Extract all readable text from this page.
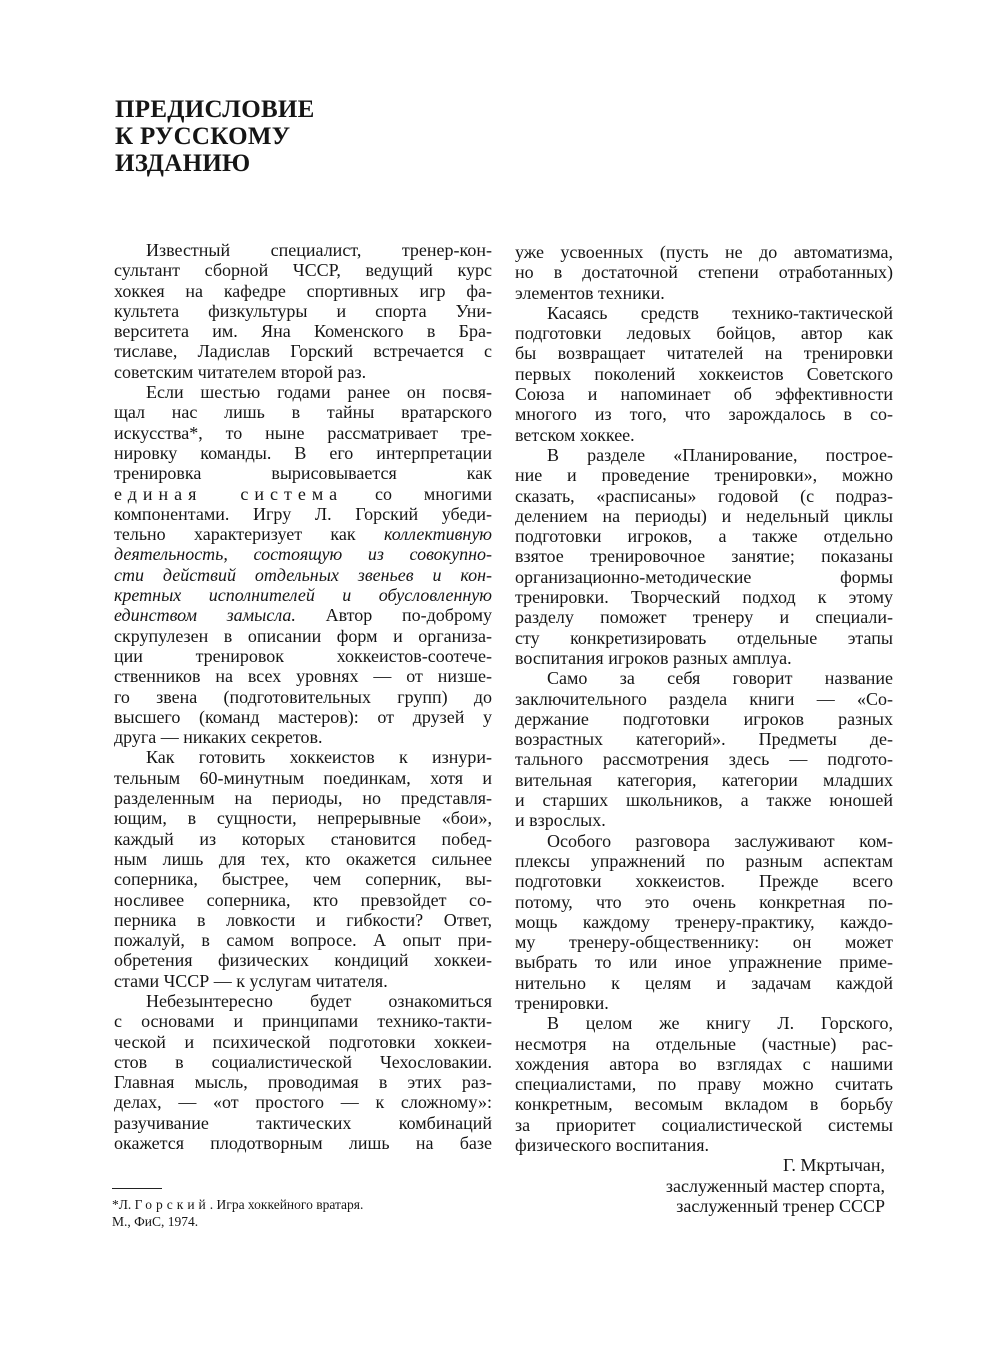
ПРЕДИСЛОВИЕ
К РУССКОМУ
ИЗДАНИЮ
Известный специалист, тренер-кон-
сультант сборной ЧССР, ведущий курс
хоккея на кафедре спортивных игр фа-
культета физкультуры и спорта Уни-
верситета им. Яна Коменского в Бра-
тиславе, Ладислав Горский встречается с
советским читателем второй раз.
Если шестью годами ранее он посвя-
щал нас лишь в тайны вратарского
искусства*, то ныне рассматривает тре-
нировку команды. В его интерпретации
тренировка вырисовывается как
единая система со многими
компонентами. Игру Л. Горский убеди-
тельно характеризует как коллективную
деятельность, состоящую из совокупно-
сти действий отдельных звеньев и кон-
кретных исполнителей и обусловленную
единством замысла. Автор по-доброму
скрупулезен в описании форм и организа-
ции тренировок хоккеистов-соотече-
ственников на всех уровнях — от низше-
го звена (подготовительных групп) до
высшего (команд мастеров): от друзей у
друга — никаких секретов.
Как готовить хоккеистов к изнури-
тельным 60-минутным поединкам, хотя и
разделенным на периоды, но представля-
ющим, в сущности, непрерывные «бои»,
каждый из которых становится побед-
ным лишь для тех, кто окажется сильнее
соперника, быстрее, чем соперник, вы-
носливее соперника, кто превзойдет со-
перника в ловкости и гибкости? Ответ,
пожалуй, в самом вопросе. А опыт при-
обретения физических кондиций хоккеи-
стами ЧССР — к услугам читателя.
Небезынтересно будет ознакомиться
с основами и принципами технико-такти-
ческой и психической подготовки хоккеи-
стов в социалистической Чехословакии.
Главная мысль, проводимая в этих раз-
делах, — «от простого — к сложному»:
разучивание тактических комбинаций
окажется плодотворным лишь на базе
уже усвоенных (пусть не до автоматизма,
но в достаточной степени отработанных)
элементов техники.
Касаясь средств технико-тактической
подготовки ледовых бойцов, автор как
бы возвращает читателей на тренировки
первых поколений хоккеистов Советского
Союза и напоминает об эффективности
многого из того, что зарождалось в со-
ветском хоккее.
В разделе «Планирование, построе-
ние и проведение тренировки», можно
сказать, «расписаны» годовой (с подраз-
делением на периоды) и недельный циклы
подготовки игроков, а также отдельно
взятое тренировочное занятие; показаны
организационно-методические формы
тренировки. Творческий подход к этому
разделу поможет тренеру и специали-
сту конкретизировать отдельные этапы
воспитания игроков разных амплуа.
Само за себя говорит название
заключительного раздела книги — «Со-
держание подготовки игроков разных
возрастных категорий». Предметы де-
тального рассмотрения здесь — подгото-
вительная категория, категории младших
и старших школьников, а также юношей
и взрослых.
Особого разговора заслуживают ком-
плексы упражнений по разным аспектам
подготовки хоккеистов. Прежде всего
потому, что это очень конкретная по-
мощь каждому тренеру-практику, каждо-
му тренеру-общественнику: он может
выбрать то или иное упражнение приме-
нительно к целям и задачам каждой
тренировки.
В целом же книгу Л. Горского,
несмотря на отдельные (частные) рас-
хождения автора во взглядах с нашими
специалистами, по праву можно считать
конкретным, весомым вкладом в борьбу
за приоритет социалистической системы
физического воспитания.
Г. Мкртычан,
заслуженный мастер спорта,
заслуженный тренер СССР
*Л. Горский. Игра хоккейного вратаря.
М., ФиС, 1974.
